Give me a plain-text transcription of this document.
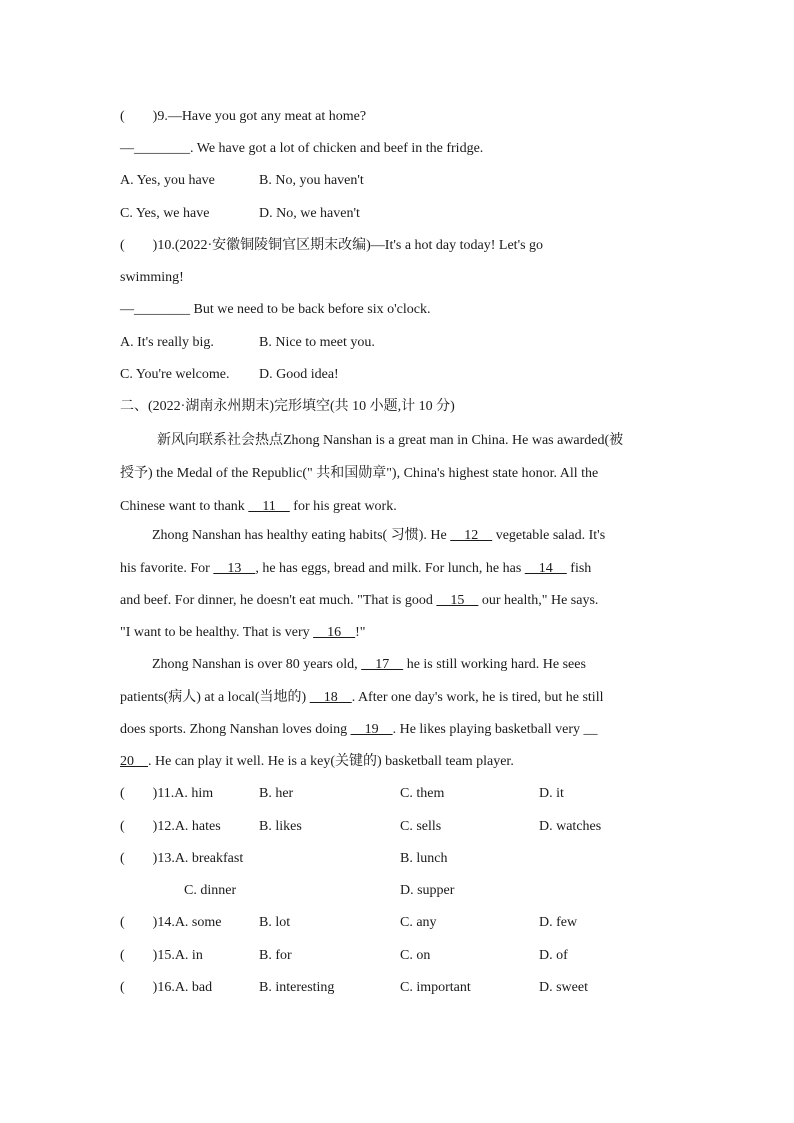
(　　)9.—Have you got any meat at home?
—________. We have got a lot of chicken and beef in the fridge.
A. Yes, you have	B. No, you haven't
C. Yes, we have	D. No, we haven't
(　　)10.(2022·安徽铜陵铜官区期末改编)—It's a hot day today! Let's go
swimming!
—________ But we need to be back before six o'clock.
A. It's really big.	B. Nice to meet you.
C. You're welcome. D. Good idea!
二、(2022·湖南永州期末)完形填空(共 10 小题,计 10 分)
新风向联系社会热点Zhong Nanshan is a great man in China. He was awarded(被
授予) the Medal of the Republic(" 共和国勋章"), China's highest state honor. All the
Chinese want to thank     11     for his great work.
Zhong Nanshan has healthy eating habits( 习惯). He     12     vegetable salad. It's
his favorite. For     13    , he has eggs, bread and milk. For lunch, he has     14     fish
and beef. For dinner, he doesn't eat much. "That is good     15     our health," He says.
"I want to be healthy. That is very     16    !"
Zhong Nanshan is over 80 years old,     17     he is still working hard. He sees
patients(病人) at a local(当地的)     18    . After one day's work, he is tired, but he still
does sports. Zhong Nanshan loves doing     19    . He likes playing basketball very __
20    . He can play it well. He is a key(关键的) basketball team player.
(　　)11.A. him	B. her	C. them	D. it
(　　)12.A. hates	B. likes	C. sells	D. watches
(　　)13.A. breakfast	B. lunch
C. dinner	D. supper
(　　)14.A. some	B. lot	C. any	D. few
(　　)15.A. in	B. for	C. on	D. of
(　　)16.A. bad	B. interesting	C. important	D. sweet
